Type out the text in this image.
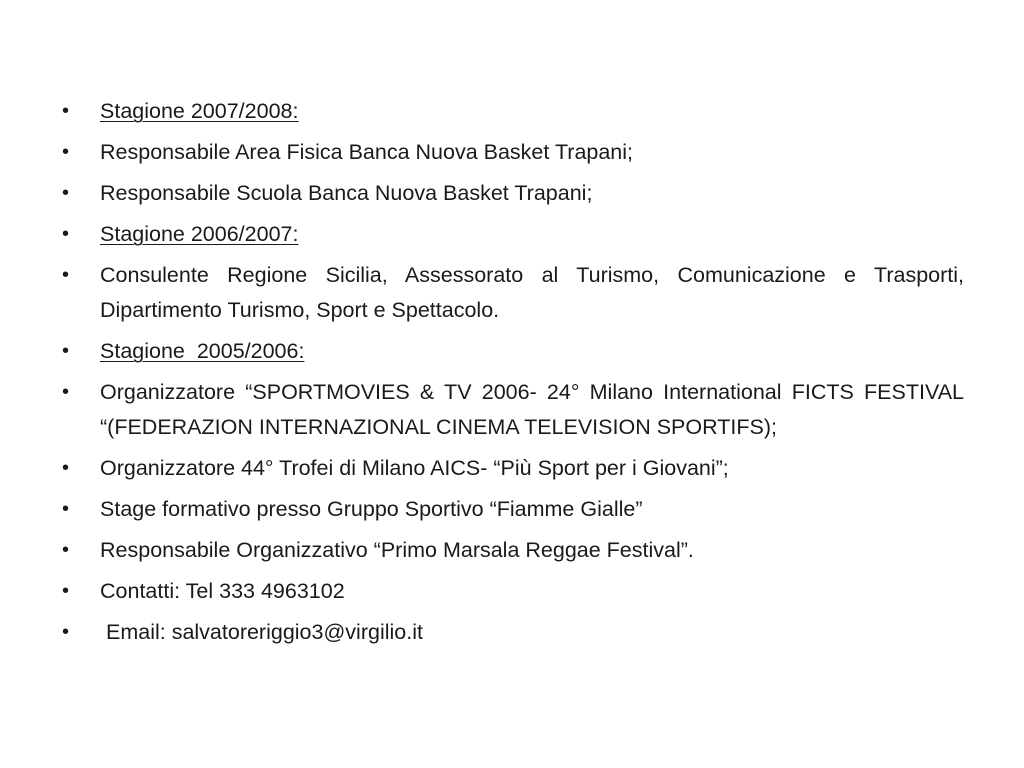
•	Stagione 2007/2008:
•	Responsabile Area Fisica Banca Nuova Basket Trapani;
•	Responsabile Scuola Banca Nuova Basket Trapani;
•	Stagione 2006/2007:
•	Consulente Regione Sicilia, Assessorato al Turismo, Comunicazione e Trasporti, Dipartimento Turismo, Sport e Spettacolo.
•	Stagione  2005/2006:
•	Organizzatore “SPORTMOVIES & TV 2006- 24° Milano International FICTS FESTIVAL “(FEDERAZION INTERNAZIONAL CINEMA TELEVISION SPORTIFS);
•	Organizzatore 44° Trofei di Milano AICS- “Più Sport per i Giovani”;
•	Stage formativo presso Gruppo Sportivo “Fiamme Gialle”
•	Responsabile Organizzativo “Primo Marsala Reggae Festival”.
•	Contatti: Tel 333 4963102
•	Email: salvatoreriggio3@virgilio.it
